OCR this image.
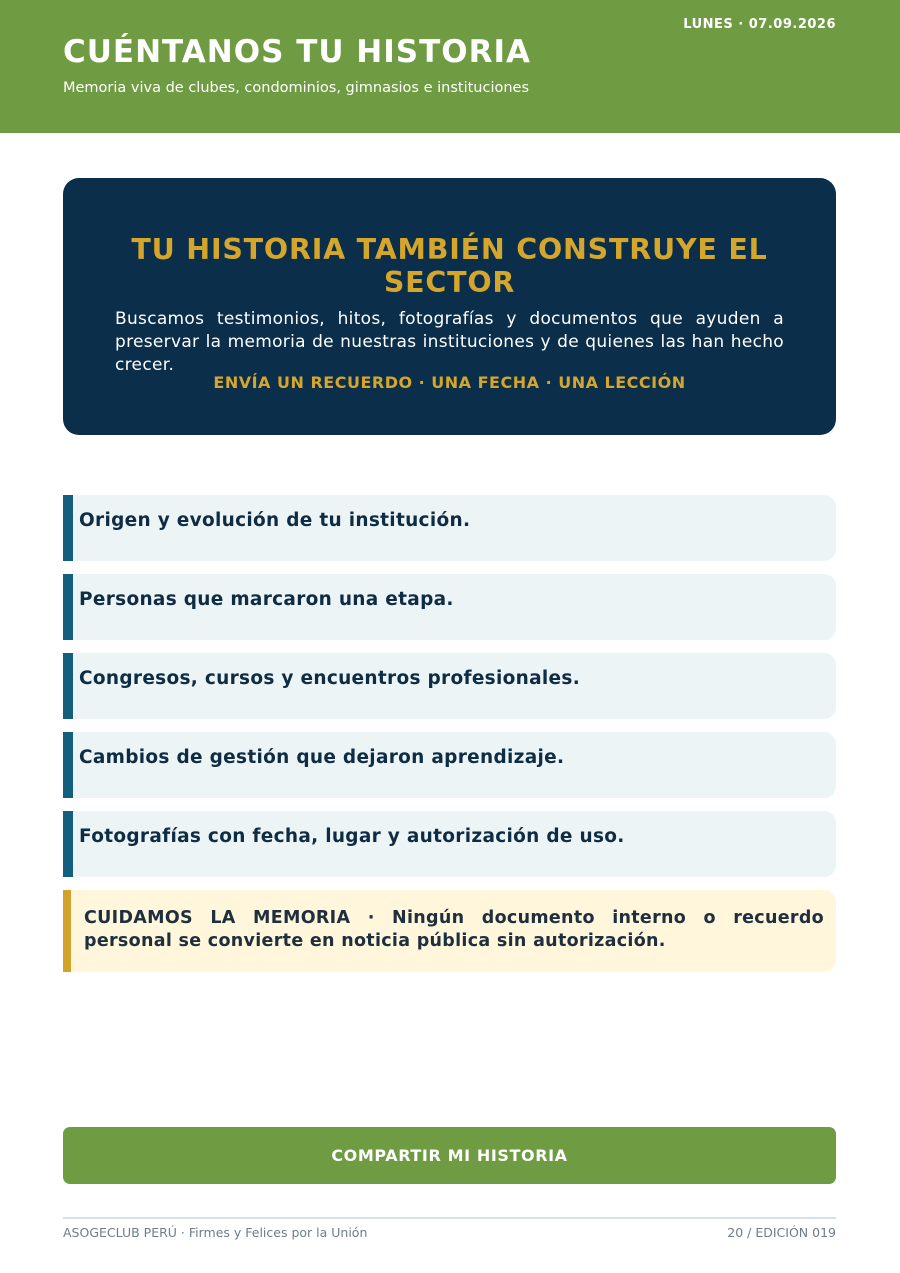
LUNES · 07.09.2026
CUÉNTANOS TU HISTORIA
Memoria viva de clubes, condominios, gimnasios e instituciones
TU HISTORIA TAMBIÉN CONSTRUYE EL SECTOR

Buscamos testimonios, hitos, fotografías y documentos que ayuden a preservar la memoria de nuestras instituciones y de quienes las han hecho crecer.

ENVÍA UN RECUERDO · UNA FECHA · UNA LECCIÓN
Origen y evolución de tu institución.
Personas que marcaron una etapa.
Congresos, cursos y encuentros profesionales.
Cambios de gestión que dejaron aprendizaje.
Fotografías con fecha, lugar y autorización de uso.

CUIDAMOS LA MEMORIA · Ningún documento interno o recuerdo personal se convierte en noticia pública sin autorización.

COMPARTIR MI HISTORIA
ASOGECLUB PERÚ · Firmes y Felices por la Unión	20 / EDICIÓN 019
